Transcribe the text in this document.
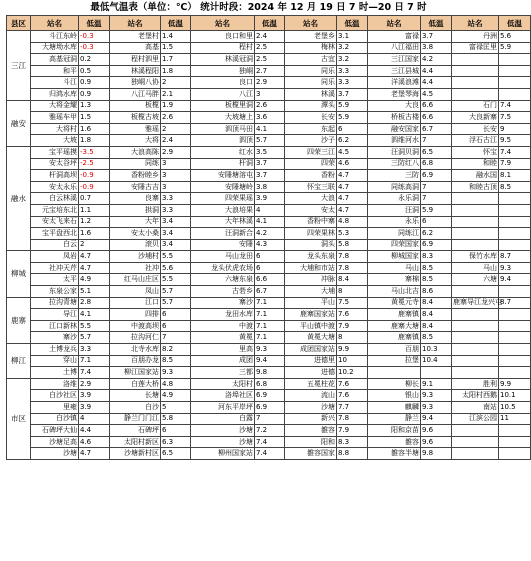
最低气温表（单位：℃） 统计时段：2024 年 12 月 19 日 7 时—20 日 7 时
县区	站名	低温	站名	低温	站名	低温	站名	低温	站名	低温	站名	低温
三江	斗江东岭	-0.3	老堡村	1.4	良口和里	2.4	老堡乡	3.1	富禄	3.7	丹洲	5.6
	大塘坳水库	-0.3	高基	1.5	程村	2.5	梅林	3.2	八江福田	3.8	富禄匡里	5.9
	高基冠洞	0.2	程村泗里	1.7	林溪冠洞	2.5	古宜	3.2	三江国家	4.2		
	和平	0.5	林溪程阳	1.8	独峒	2.7	同乐	3.3	三江县城	4.4		
	斗江	0.9	独峒八协	2	良口	2.9	同乐	3.3	洋溪浪滩	4.4		
	归鸿水库	0.9	八江马胖	2.1	八江	3	林溪	3.7	老堡琴海	4.5		
融安	大将金耀	1.3	板榄	1.9	板榄里洞	2.6	潭头	5.9	大良	6.6	石门	7.4
	雅瑶车甲	1.5	板榄古坡	2.6	大坡塘上	3.6	长安	5.9	桥板古楼	6.6	大良新寨	7.5
	大将村	1.6	雅瑶	2	泗顶马田	4.1	东起	6	融安国家	6.7	长安	9
	大坡	1.8	大将	2.4	泗顶	5.7	沙子	6.2	泗维河水	7	浮石古江	9.5
融水	宝平瑶摸	-3.5	大浪高陈	2.9	红水	3.5	四荣三江	4.5	汪洞贝洞	6.5	怀宝	7.4
	安太谷坪	-2.5	同练	3	杆洞	3.7	四荣	4.6	三防红八	6.8	和睦	7.9
	杆洞高坝	-0.9	香粉睦乡	3	安陲塘溶屯	3.7	香粉	4.7	三防	6.9	融水国	8.1
	安太永乐	-0.9	安陲古吉	3	安陲塘岭	3.8	怀宝三联	4.7	同练高洞	7	和睦古顶	8.5
	白云林溪	0.7	良寨	3.3	四荣果瑶	3.9	大浪	4.7	永乐洞	7		
	元宝培东北	1.1	拱洞	3.3	大浪培果	4	安太	4.7	汪洞	5.9		
	安太飞来石	1.2	大年	3.4	大年林溪	4.1	香粉中寨	4.8	永乐	6		
	宝平盘西北	1.6	安太小桑	3.4	汪洞新合	4.2	四荣果林	5.3	同练江	6.2		
	白云	2	滚贝	3.4	安陲	4.3	洞头	5.8	四荣国家	6.9		
柳城	凤岩	4.7	沙埔村	5.5	马山龙田	6	龙头东泉	7.8	柳城国家	8.3	保竹水库	8.7
	社冲天芹	4.7	社冲	5.6	龙头伏虎农场	6	大埔和市站	7.8	马山	8.5	马山	9.3
	太平	4.9	红马山庄区	5.5	六塘东泉	6.6	冲脉	8.4	寨棉	8.5	六塘	9.4
	东泉公家	5.1	凤山	5.7	古砦乡	6.7	大埔	8	马山北吉	8.6		
鹿寨	拉沟青塘	2.8	江口	5.7	寨沙	7.1	平山	7.5	黄冕元寺	8.4	鹿寨导江龙兴屯	8.7
	导江	4.1	四排	6	龙田水库	7.1	鹿寨国家站	7.6	鹿寨镇	8.4		
	江口新林	5.5	中渡高坝	6	中渡	7.1	平山镇中渡	7.9	鹿寨大塘	8.4		
	寨沙	5.7	拉沟河仁	7	黄冕	7.1	黄冕大塘	8	鹿寨镇	8.5		
柳江	土博龙兵	3.3	北寺水库	8.2	里高	9.3	成团国家站	9.9	百朋	10.3		
	穿山	7.1	百朋办龙	8.5	成团	9.4	进德里	10	拉堡	10.4		
	土博	7.4	柳江国家站	9.3	三都	9.8	进德	10.2				
市区	洛维	2.9	白莲大桥	4.8	太阳村	6.8	五冕柱花	7.6	柳长	9.1	胜利	9.9
	白沙社区	3.9	长塘	4.9	洛埠社区	6.9	流山	7.6	银山	9.3	太阳村西鹅	10.1
	里雍	3.9	白沙	5	河东平岸坪	6.9	沙塘	7.7	麒麟	9.3	南站	10.5
	白沙镇	4	静兰门门江	5.8	白露	7	新兴	7.8	静兰	9.4	江滨公园	11
	石碑坪大仙	4.4	石碑坪	6	沙塘	7.2	雒容	7.9	阳和京苗	9.6		
	沙塘足高	4.6	太阳村新区	6.3	沙塘	7.4	阳和	8.3	雒容	9.6		
	沙塘	4.7	沙塘新村区	6.5	柳州国家站	7.4	雒容国家	8.8	雒容半塘	9.8		
